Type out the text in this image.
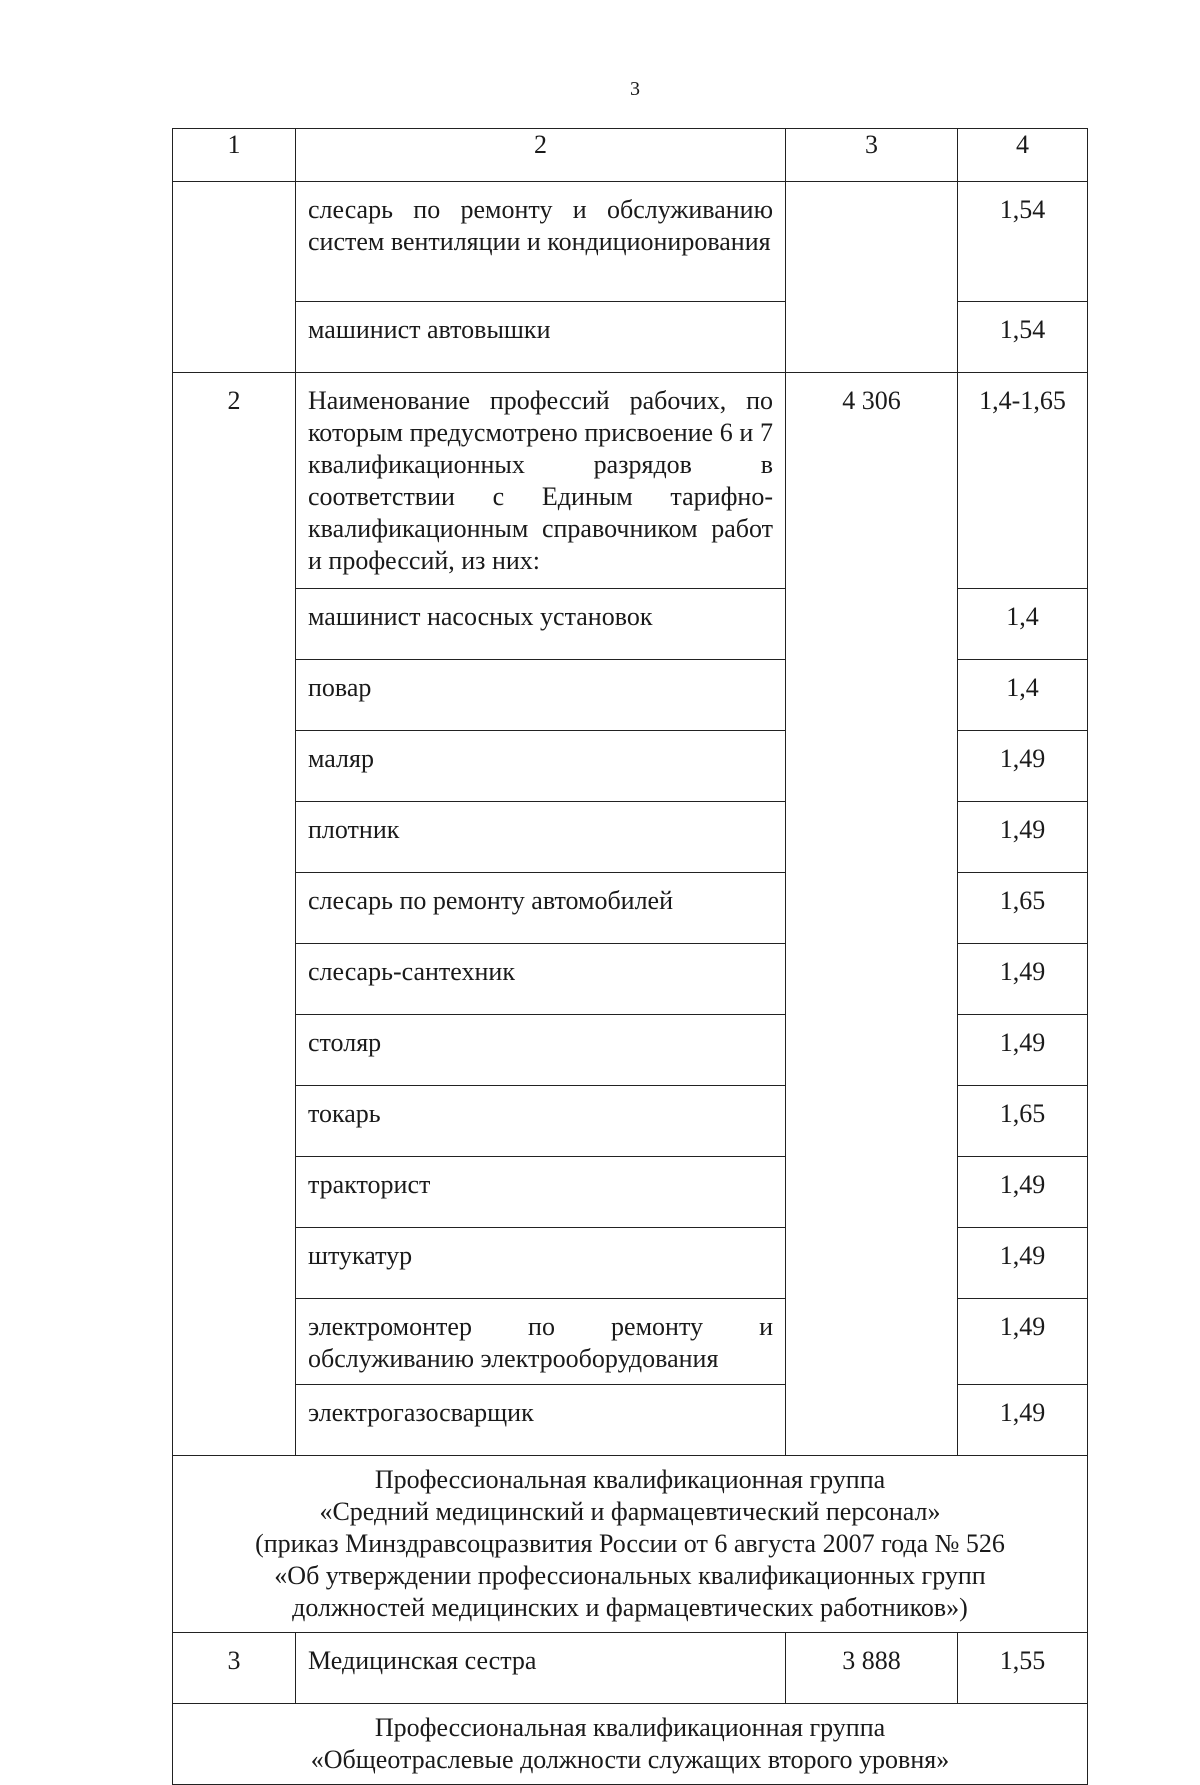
3
1	2	3	4
	слесарь по ремонту и обслуживанию систем вентиляции и кондиционирования		1,54
	машинист автовышки		1,54
2	Наименование профессий рабочих, по которым предусмотрено присвоение 6 и 7 квалификационных разрядов в соответствии с Единым тарифно-квалификационным справочником работ и профессий, из них:	4 306	1,4-1,65
	машинист насосных установок		1,4
	повар		1,4
	маляр		1,49
	плотник		1,49
	слесарь по ремонту автомобилей		1,65
	слесарь-сантехник		1,49
	столяр		1,49
	токарь		1,65
	тракторист		1,49
	штукатур		1,49
	электромонтер по ремонту и обслуживанию электрооборудования		1,49
	электрогазосварщик		1,49

Профессиональная квалификационная группа
«Средний медицинский и фармацевтический персонал»
(приказ Минздравсоцразвития России от 6 августа 2007 года № 526
«Об утверждении профессиональных квалификационных групп
должностей медицинских и фармацевтических работников»)			

3	Медицинская сестра	3 888	1,55

Профессиональная квалификационная группа
«Общеотраслевые должности служащих второго уровня»			
